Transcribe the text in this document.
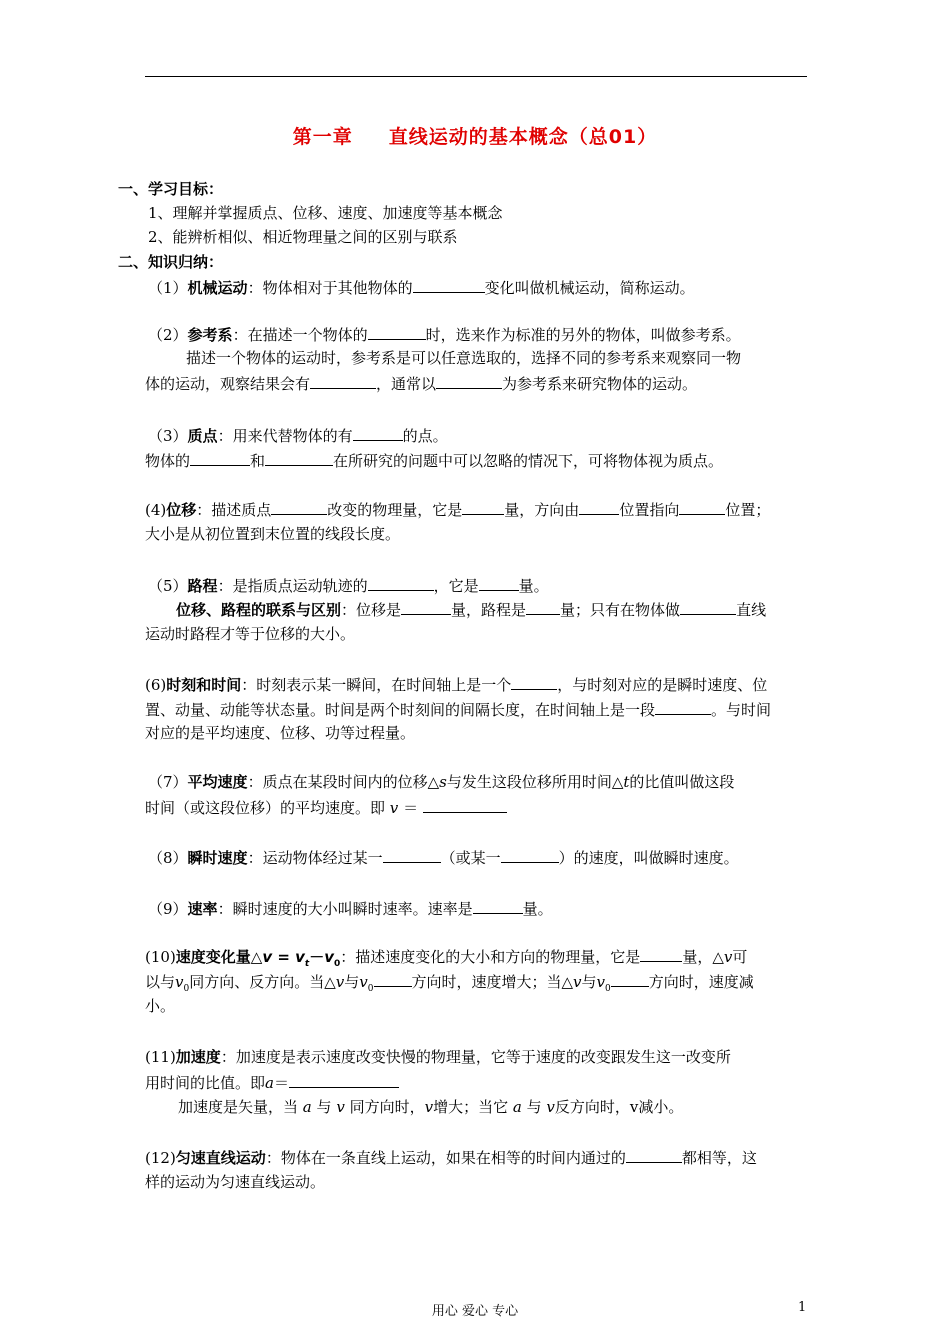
第一章 直线运动的基本概念（总01）
一、学习目标：
1、理解并掌握质点、位移、速度、加速度等基本概念
2、能辨析相似、相近物理量之间的区别与联系
二、知识归纳：
（1）机械运动：物体相对于其他物体的	变化叫做机械运动，简称运动。
（2）参考系：在描述一个物体的	时，选来作为标准的另外的物体，叫做参考系。
描述一个物体的运动时，参考系是可以任意选取的，选择不同的参考系来观察同一物
体的运动，观察结果会有	，通常以	为参考系来研究物体的运动。
（3）质点：用来代替物体的有	的点。
物体的	和	在所研究的问题中可以忽略的情况下，可将物体视为质点。
(4)位移：描述质点	改变的物理量，它是	量，方向由	位置指向	位置；
大小是从初位置到末位置的线段长度。
（5）路程：是指质点运动轨迹的	，它是	量。
位移、路程的联系与区别：位移是	量，路程是 量；只有在物体做	直线
运动时路程才等于位移的大小。
(6)时刻和时间：时刻表示某一瞬间，在时间轴上是一个	，与时刻对应的是瞬时速度、位
置、动量、动能等状态量。时间是两个时刻间的间隔长度，在时间轴上是一段	。与时间
对应的是平均速度、位移、功等过程量。
（7）平均速度：质点在某段时间内的位移△s与发生这段位移所用时间△t的比值叫做这段
时间（或这段位移）的平均速度。即 v ＝
（8）瞬时速度：运动物体经过某一	（或某一	）的速度，叫做瞬时速度。
（9）速率：瞬时速度的大小叫瞬时速率。速率是	量。
(10)速度变化量△v = $v_t-v_0$：描述速度变化的大小和方向的物理量，它是	量，△v可
以与$v_0$同方向、反方向。当△v与$v_0$	方向时，速度增大；当△v与$v_0$	方向时，速度减
小。
(11)加速度：加速度是表示速度改变快慢的物理量，它等于速度的改变跟发生这一改变所
用时间的比值。即a＝
加速度是矢量，当 a 与 v 同方向时，v增大；当它 a 与 v反方向时，v减小。
(12)匀速直线运动：物体在一条直线上运动，如果在相等的时间内通过的	都相等，这
样的运动为匀速直线运动。
用心 爱心 专心	1
